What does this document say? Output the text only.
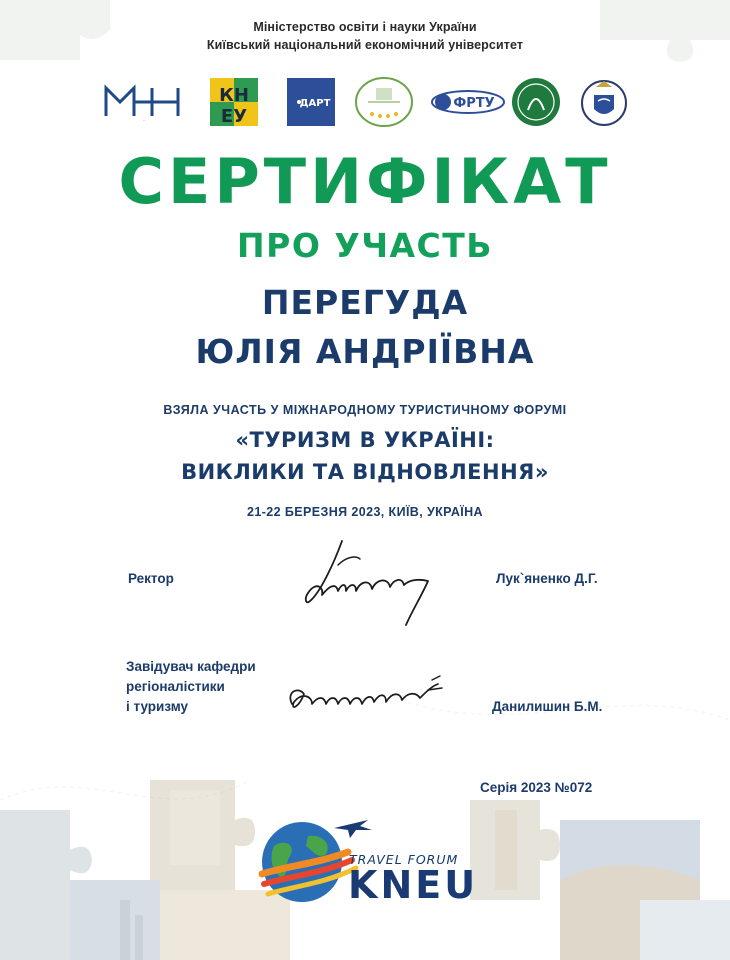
Міністерство освіти і науки України
Київський національний економічний університет
МОН
КН
ЕУ
ДАРТ	ФРТУ
СЕРТИФІКАТ
ПРО УЧАСТЬ
ПЕРЕГУДА
ЮЛІЯ АНДРІЇВНА
ВЗЯЛА УЧАСТЬ У МІЖНАРОДНОМУ ТУРИСТИЧНОМУ ФОРУМІ
«ТУРИЗМ В УКРАЇНІ:
ВИКЛИКИ ТА ВІДНОВЛЕННЯ»
21-22 БЕРЕЗНЯ 2023, КИЇВ, УКРАЇНА
Ректор	Лук`яненко Д.Г.
Завідувач кафедри
регіоналістики
і туризму	Данилишин Б.М.
Серія 2023 №072
TRAVEL FORUM
KNEU
